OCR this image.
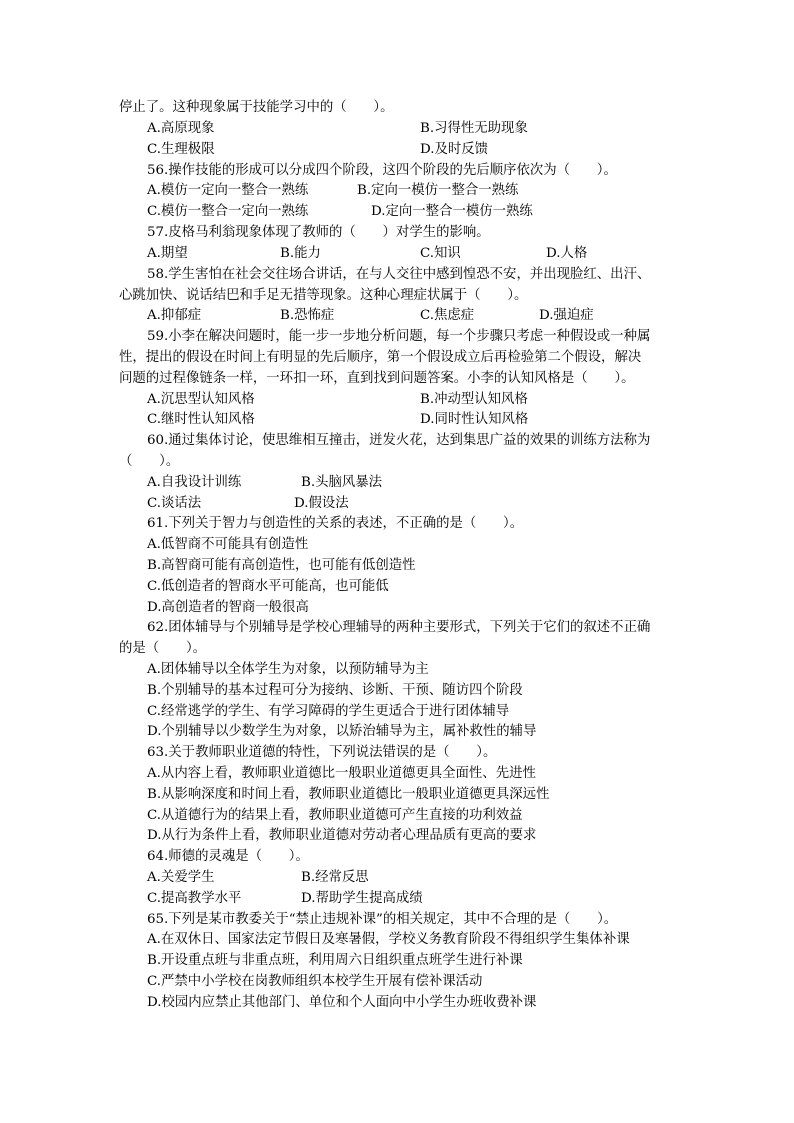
停止了。这种现象属于技能学习中的（　　）。
A.高原现象	B.习得性无助现象
C.生理极限	D.及时反馈
56.操作技能的形成可以分成四个阶段，这四个阶段的先后顺序依次为（　　）。
A.模仿一定向一整合一熟练	B.定向一模仿一整合一熟练
C.模仿一整合一定向一熟练	D.定向一整合一模仿一熟练
57.皮格马利翁现象体现了教师的（　　）对学生的影响。
A.期望	B.能力	C.知识	D.人格
58.学生害怕在社会交往场合讲话，在与人交往中感到惶恐不安，并出现脸红、出汗、
心跳加快、说话结巴和手足无措等现象。这种心理症状属于（　　）。
A.抑郁症	B.恐怖症	C.焦虑症	D.强迫症
59.小李在解决问题时，能一步一步地分析问题，每一个步骤只考虑一种假设或一种属
性，提出的假设在时间上有明显的先后顺序，第一个假设成立后再检验第二个假设，解决
问题的过程像链条一样，一环扣一环，直到找到问题答案。小李的认知风格是（　　）。
A.沉思型认知风格	B.冲动型认知风格
C.继时性认知风格	D.同时性认知风格
60.通过集体讨论，使思维相互撞击，迸发火花，达到集思广益的效果的训练方法称为
（　　）。
A.自我设计训练	B.头脑风暴法
C.谈话法	D.假设法
61.下列关于智力与创造性的关系的表述，不正确的是（　　）。
A.低智商不可能具有创造性
B.高智商可能有高创造性，也可能有低创造性
C.低创造者的智商水平可能高，也可能低
D.高创造者的智商一般很高
62.团体辅导与个别辅导是学校心理辅导的两种主要形式，下列关于它们的叙述不正确
的是（　　）。
A.团体辅导以全体学生为对象，以预防辅导为主
B.个别辅导的基本过程可分为接纳、诊断、干预、随访四个阶段
C.经常逃学的学生、有学习障碍的学生更适合于进行团体辅导
D.个别辅导以少数学生为对象，以矫治辅导为主，属补救性的辅导
63.关于教师职业道德的特性，下列说法错误的是（　　）。
A.从内容上看，教师职业道德比一般职业道德更具全面性、先进性
B.从影响深度和时间上看，教师职业道德比一般职业道德更具深远性
C.从道德行为的结果上看，教师职业道德可产生直接的功利效益
D.从行为条件上看，教师职业道德对劳动者心理品质有更高的要求
64.师德的灵魂是（　　）。
A.关爱学生	B.经常反思
C.提高教学水平	D.帮助学生提高成绩
65.下列是某市教委关于“禁止违规补课”的相关规定，其中不合理的是（　　）。
A.在双休日、国家法定节假日及寒暑假，学校义务教育阶段不得组织学生集体补课
B.开设重点班与非重点班，利用周六日组织重点班学生进行补课
C.严禁中小学校在岗教师组织本校学生开展有偿补课活动
D.校园内应禁止其他部门、单位和个人面向中小学生办班收费补课
